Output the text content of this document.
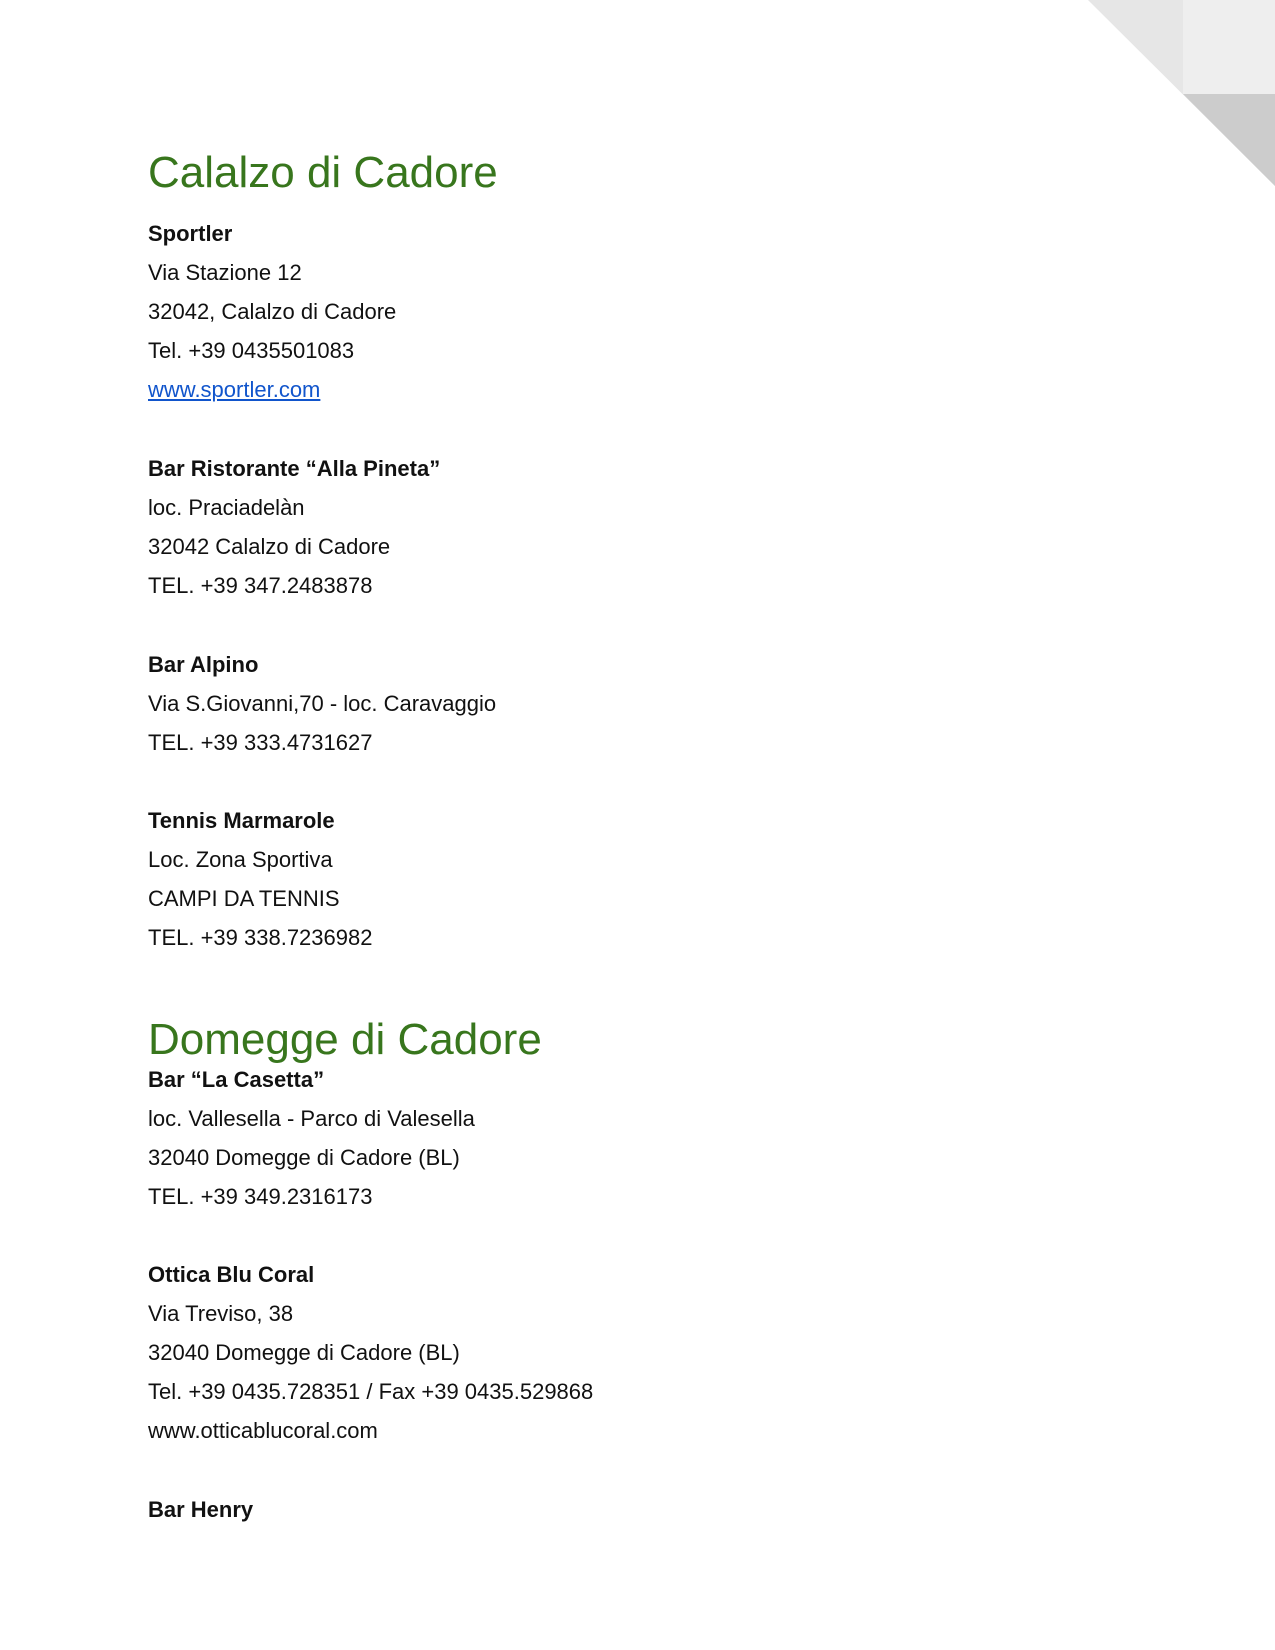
Calalzo di Cadore
Sportler
Via Stazione 12
32042, Calalzo di Cadore
Tel. +39 0435501083
www.sportler.com
Bar Ristorante “Alla Pineta”
loc. Praciadelàn
32042 Calalzo di Cadore
TEL. +39 347.2483878
Bar Alpino
Via S.Giovanni,70 - loc. Caravaggio
TEL. +39 333.4731627
Tennis Marmarole
Loc. Zona Sportiva
CAMPI DA TENNIS
TEL. +39 338.7236982
Domegge di Cadore
Bar “La Casetta”
loc. Vallesella - Parco di Valesella
32040 Domegge di Cadore (BL)
TEL. +39 349.2316173
Ottica Blu Coral
Via Treviso, 38
32040 Domegge di Cadore (BL)
Tel. +39 0435.728351 / Fax +39 0435.529868
www.otticablucoral.com
Bar Henry
